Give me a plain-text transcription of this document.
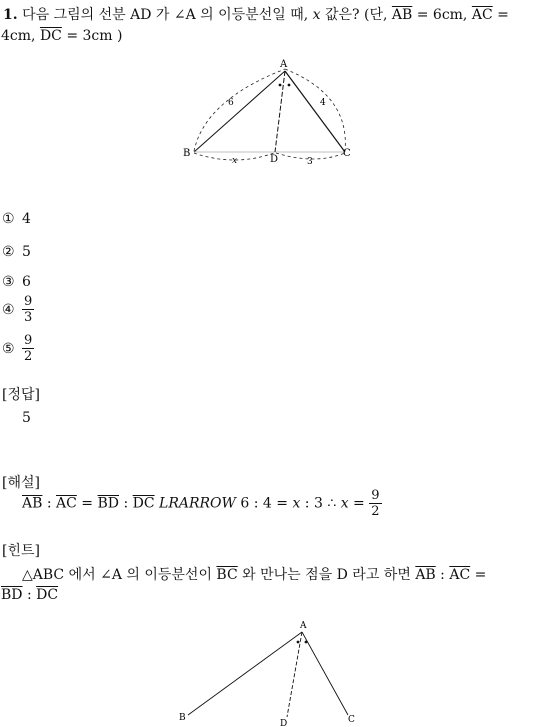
1. 다음 그림의 선분 AD 가 ∠A 의 이등분선일 때, x 값은? (단, $\overline{AB} = 6cm$, $\overline{AC}$ =
4cm, $\overline{DC} = 3cm$ )
A
B	C
D
6	4
x	3
① 4
② 5
③ 6
④ $\frac{9}{3}$
⑤ $\frac{9}{2}$
[정답]
5
[해설]
$\overline{AB}$ : $\overline{AC} = \overline{BD}$ : $\overline{DC}$ LRARROW 6 : 4 = x : 3 ∴ $x = \frac{9}{2}$
[힌트]
△ABC 에서 ∠A 의 이등분선이 $\overline{BC}$ 와 만나는 점을 D 라고 하면 $\overline{AB}$ : $\overline{AC}$ =
$\overline{BD}$ : $\overline{DC}$
A
B	C
D
